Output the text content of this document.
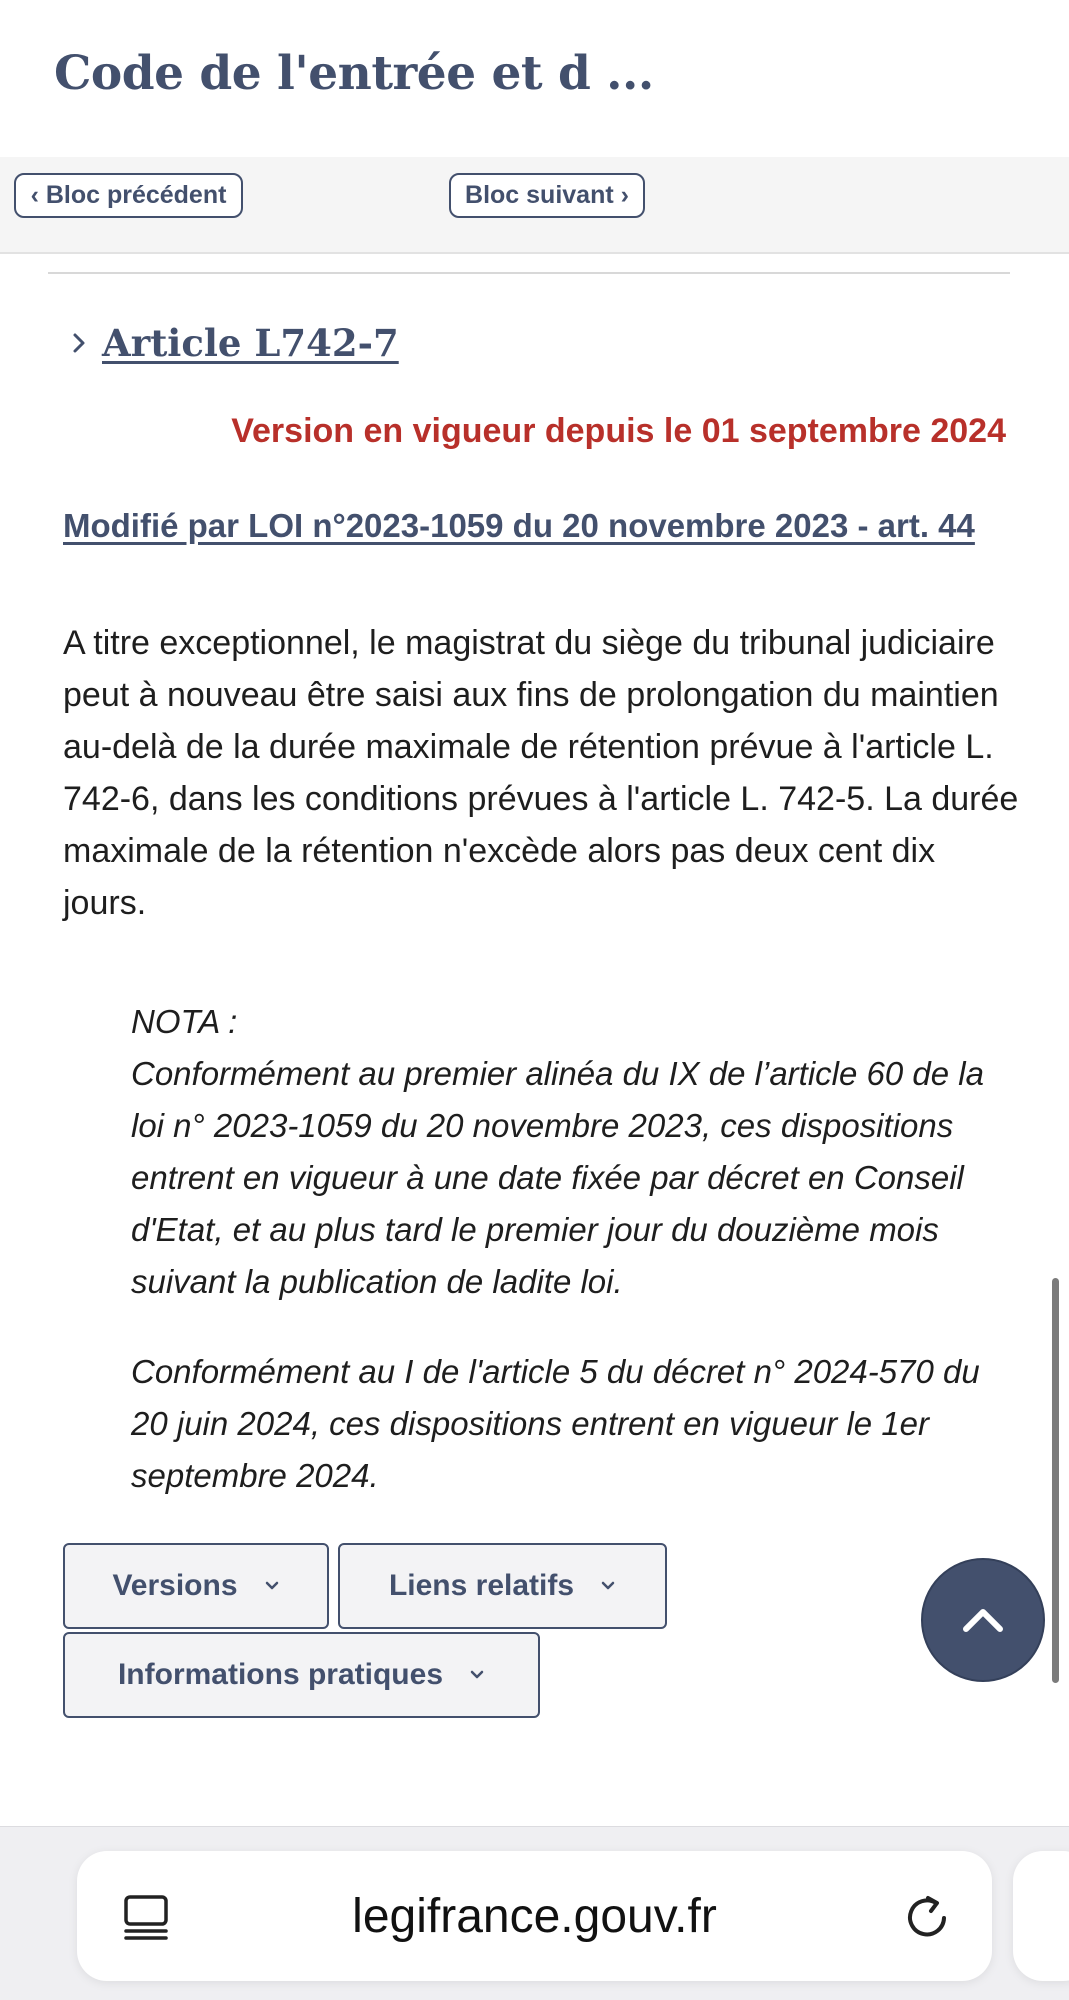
Code de l'entrée et d ...
‹ Bloc précédent	Bloc suivant ›
Article L742-7
Version en vigueur depuis le 01 septembre 2024
Modifié par LOI n°2023-1059 du 20 novembre 2023 - art. 44
A titre exceptionnel, le magistrat du siège du tribunal judiciaire peut à nouveau être saisi aux fins de prolongation du maintien au-delà de la durée maximale de rétention prévue à l'article L. 742-6, dans les conditions prévues à l'article L. 742-5. La durée maximale de la rétention n'excède alors pas deux cent dix jours.
NOTA :

Conformément au premier alinéa du IX de l’article 60 de la loi n° 2023-1059 du 20 novembre 2023, ces dispositions entrent en vigueur à une date fixée par décret en Conseil d'Etat, et au plus tard le premier jour du douzième mois suivant la publication de ladite loi.

Conformément au I de l'article 5 du décret n° 2024-570 du 20 juin 2024, ces dispositions entrent en vigueur le 1er septembre 2024.

Versions	Liens relatifs
Informations pratiques
legifrance.gouv.fr
